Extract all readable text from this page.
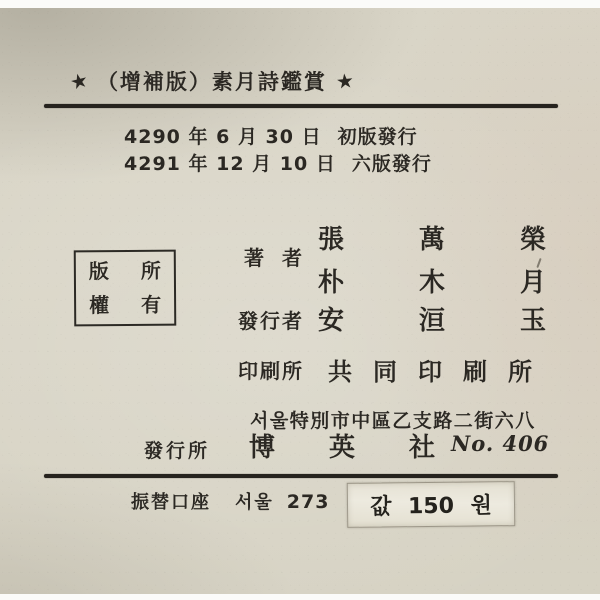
★ （增補版）素月詩鑑賞 ★
4290 年 6 月 30 日 初版發行
4291 年 12 月 10 日 六版發行
版	所
權	有
著 者
張	萬	榮
朴	木	月
發行者 安	洹	玉
印刷所 共 同 印 刷 所
서울特別市中區乙支路二街六八
發行所 博 英 社 No. 406
振替口座 서울 273 값 150 원
